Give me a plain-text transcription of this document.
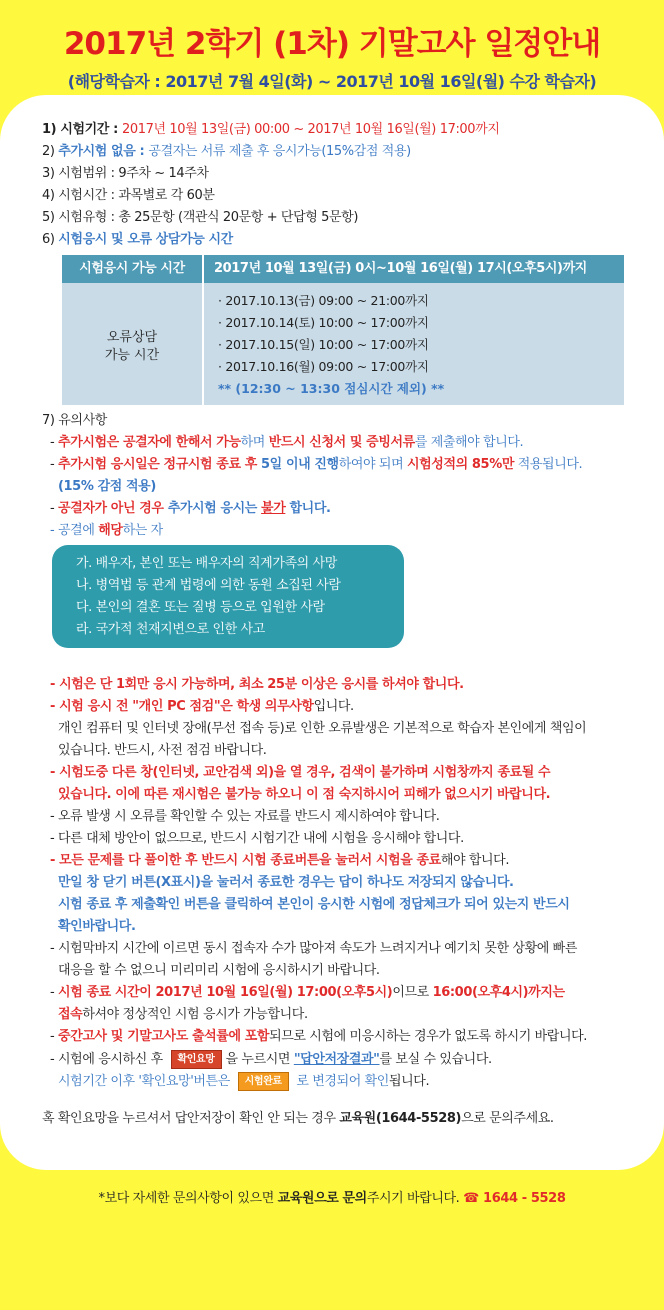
2017년 2학기 (1차) 기말고사 일정안내
(해당학습자 : 2017년 7월 4일(화) ~ 2017년 10월 16일(월) 수강 학습자)
1) 시험기간 : 2017년 10월 13일(금) 00:00 ~ 2017년 10월 16일(월) 17:00까지
2) 추가시험 없음 : 공결자는 서류 제출 후 응시가능(15%감점 적용)
3) 시험범위 : 9주차 ~ 14주차
4) 시험시간 : 과목별로 각 60분
5) 시험유형 : 총 25문항 (객관식 20문항 + 단답형 5문항)
6) 시험응시 및 오류 상담가능 시간
시험응시 가능 시간	2017년 10월 13일(금) 0시~10월 16일(월) 17시(오후5시)까지
오류상담
가능 시간
· 2017.10.13(금) 09:00 ~ 21:00까지
· 2017.10.14(토) 10:00 ~ 17:00까지
· 2017.10.15(일) 10:00 ~ 17:00까지
· 2017.10.16(월) 09:00 ~ 17:00까지
** (12:30 ~ 13:30 점심시간 제외) **
7) 유의사항
- 추가시험은 공결자에 한해서 가능하며 반드시 신청서 및 증빙서류를 제출해야 합니다.
- 추가시험 응시일은 정규시험 종료 후 5일 이내 진행하여야 되며 시험성적의 85%만 적용됩니다.
(15% 감점 적용)
- 공결자가 아닌 경우 추가시험 응시는 불가 합니다.
- 공결에 해당하는 자
가. 배우자, 본인 또는 배우자의 직계가족의 사망
나. 병역법 등 관계 법령에 의한 동원 소집된 사람
다. 본인의 결혼 또는 질병 등으로 입원한 사람
라. 국가적 천재지변으로 인한 사고
- 시험은 단 1회만 응시 가능하며, 최소 25분 이상은 응시를 하셔야 합니다.
- 시험 응시 전 "개인 PC 점검"은 학생 의무사항입니다.
개인 컴퓨터 및 인터넷 장애(무선 접속 등)로 인한 오류발생은 기본적으로 학습자 본인에게 책임이
있습니다. 반드시, 사전 점검 바랍니다.
- 시험도중 다른 창(인터넷, 교안검색 외)을 열 경우, 검색이 불가하며 시험창까지 종료될 수
있습니다. 이에 따른 재시험은 불가능 하오니 이 점 숙지하시어 피해가 없으시기 바랍니다.
- 오류 발생 시 오류를 확인할 수 있는 자료를 반드시 제시하여야 합니다.
- 다른 대체 방안이 없으므로, 반드시 시험기간 내에 시험을 응시해야 합니다.
- 모든 문제를 다 풀이한 후 반드시 시험 종료버튼을 눌러서 시험을 종료해야 합니다.
만일 창 닫기 버튼(X표시)을 눌러서 종료한 경우는 답이 하나도 저장되지 않습니다.
시험 종료 후 제출확인 버튼을 클릭하여 본인이 응시한 시험에 정답체크가 되어 있는지 반드시
확인바랍니다.
- 시험막바지 시간에 이르면 동시 접속자 수가 많아져 속도가 느려지거나 예기치 못한 상황에 빠른
대응을 할 수 없으니 미리미리 시험에 응시하시기 바랍니다.
- 시험 종료 시간이 2017년 10월 16일(월) 17:00(오후5시)이므로 16:00(오후4시)까지는
접속하셔야 정상적인 시험 응시가 가능합니다.
- 중간고사 및 기말고사도 출석률에 포함되므로 시험에 미응시하는 경우가 없도록 하시기 바랍니다.
- 시험에 응시하신 후 확인요망 을 누르시면 "답안저장결과"를 보실 수 있습니다.
시험기간 이후 '확인요망'버튼은 시험완료 로 변경되어 확인됩니다.
혹 확인요망을 누르셔서 답안저장이 확인 안 되는 경우 교육원(1644-5528)으로 문의주세요.
*보다 자세한 문의사항이 있으면 교육원으로 문의주시기 바랍니다. ☎ 1644 - 5528
